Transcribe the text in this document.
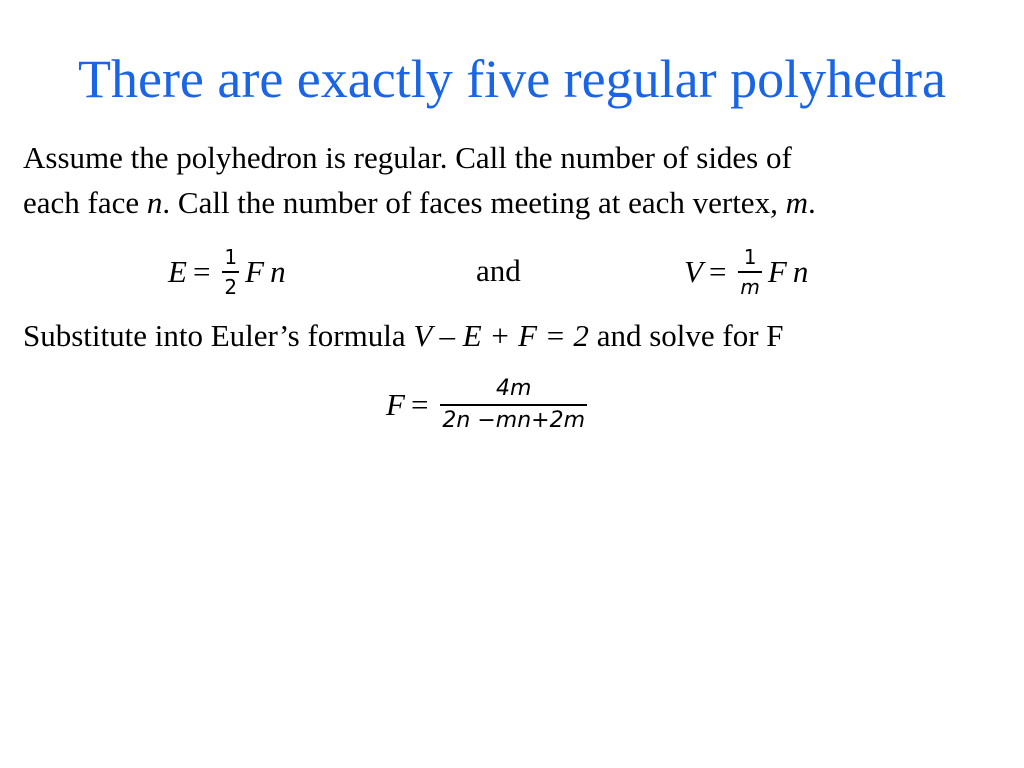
There are exactly five regular polyhedra
Assume the polyhedron is regular. Call the number of sides of
each face n. Call the number of faces meeting at each vertex, m.
$E = \frac{1}{2}$ F n	and	$V = \frac{1}{m}$ F n
Substitute into Euler’s formula V – E + F = 2 and solve for F
$F = \frac{4m}{2n -mn+2m}$
